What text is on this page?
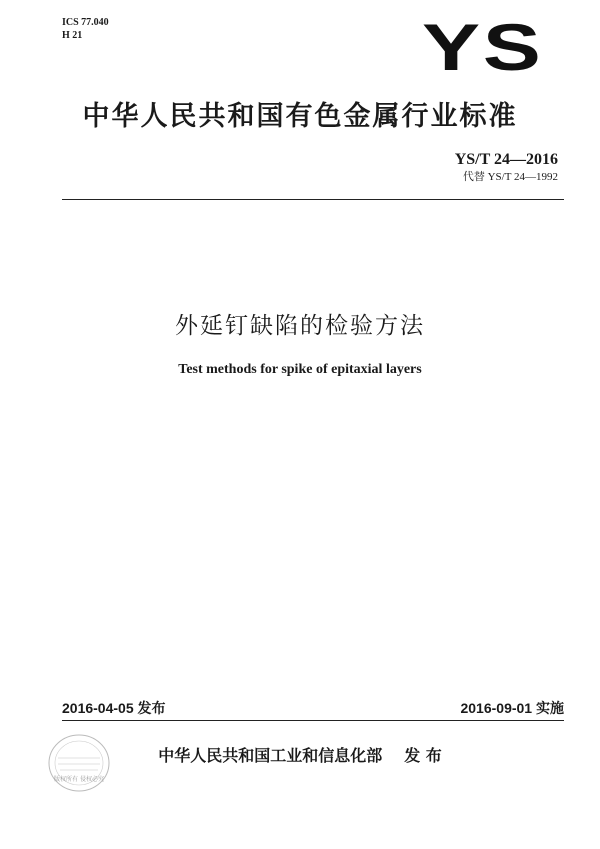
ICS 77.040
H 21	YS
中华人民共和国有色金属行业标准
YS/T 24—2016
代替 YS/T 24—1992
外延钉缺陷的检验方法
Test methods for spike of epitaxial layers
2016-04-05 发布	2016-09-01 实施
版权所有 侵权必究
中华人民共和国工业和信息化部 发 布
